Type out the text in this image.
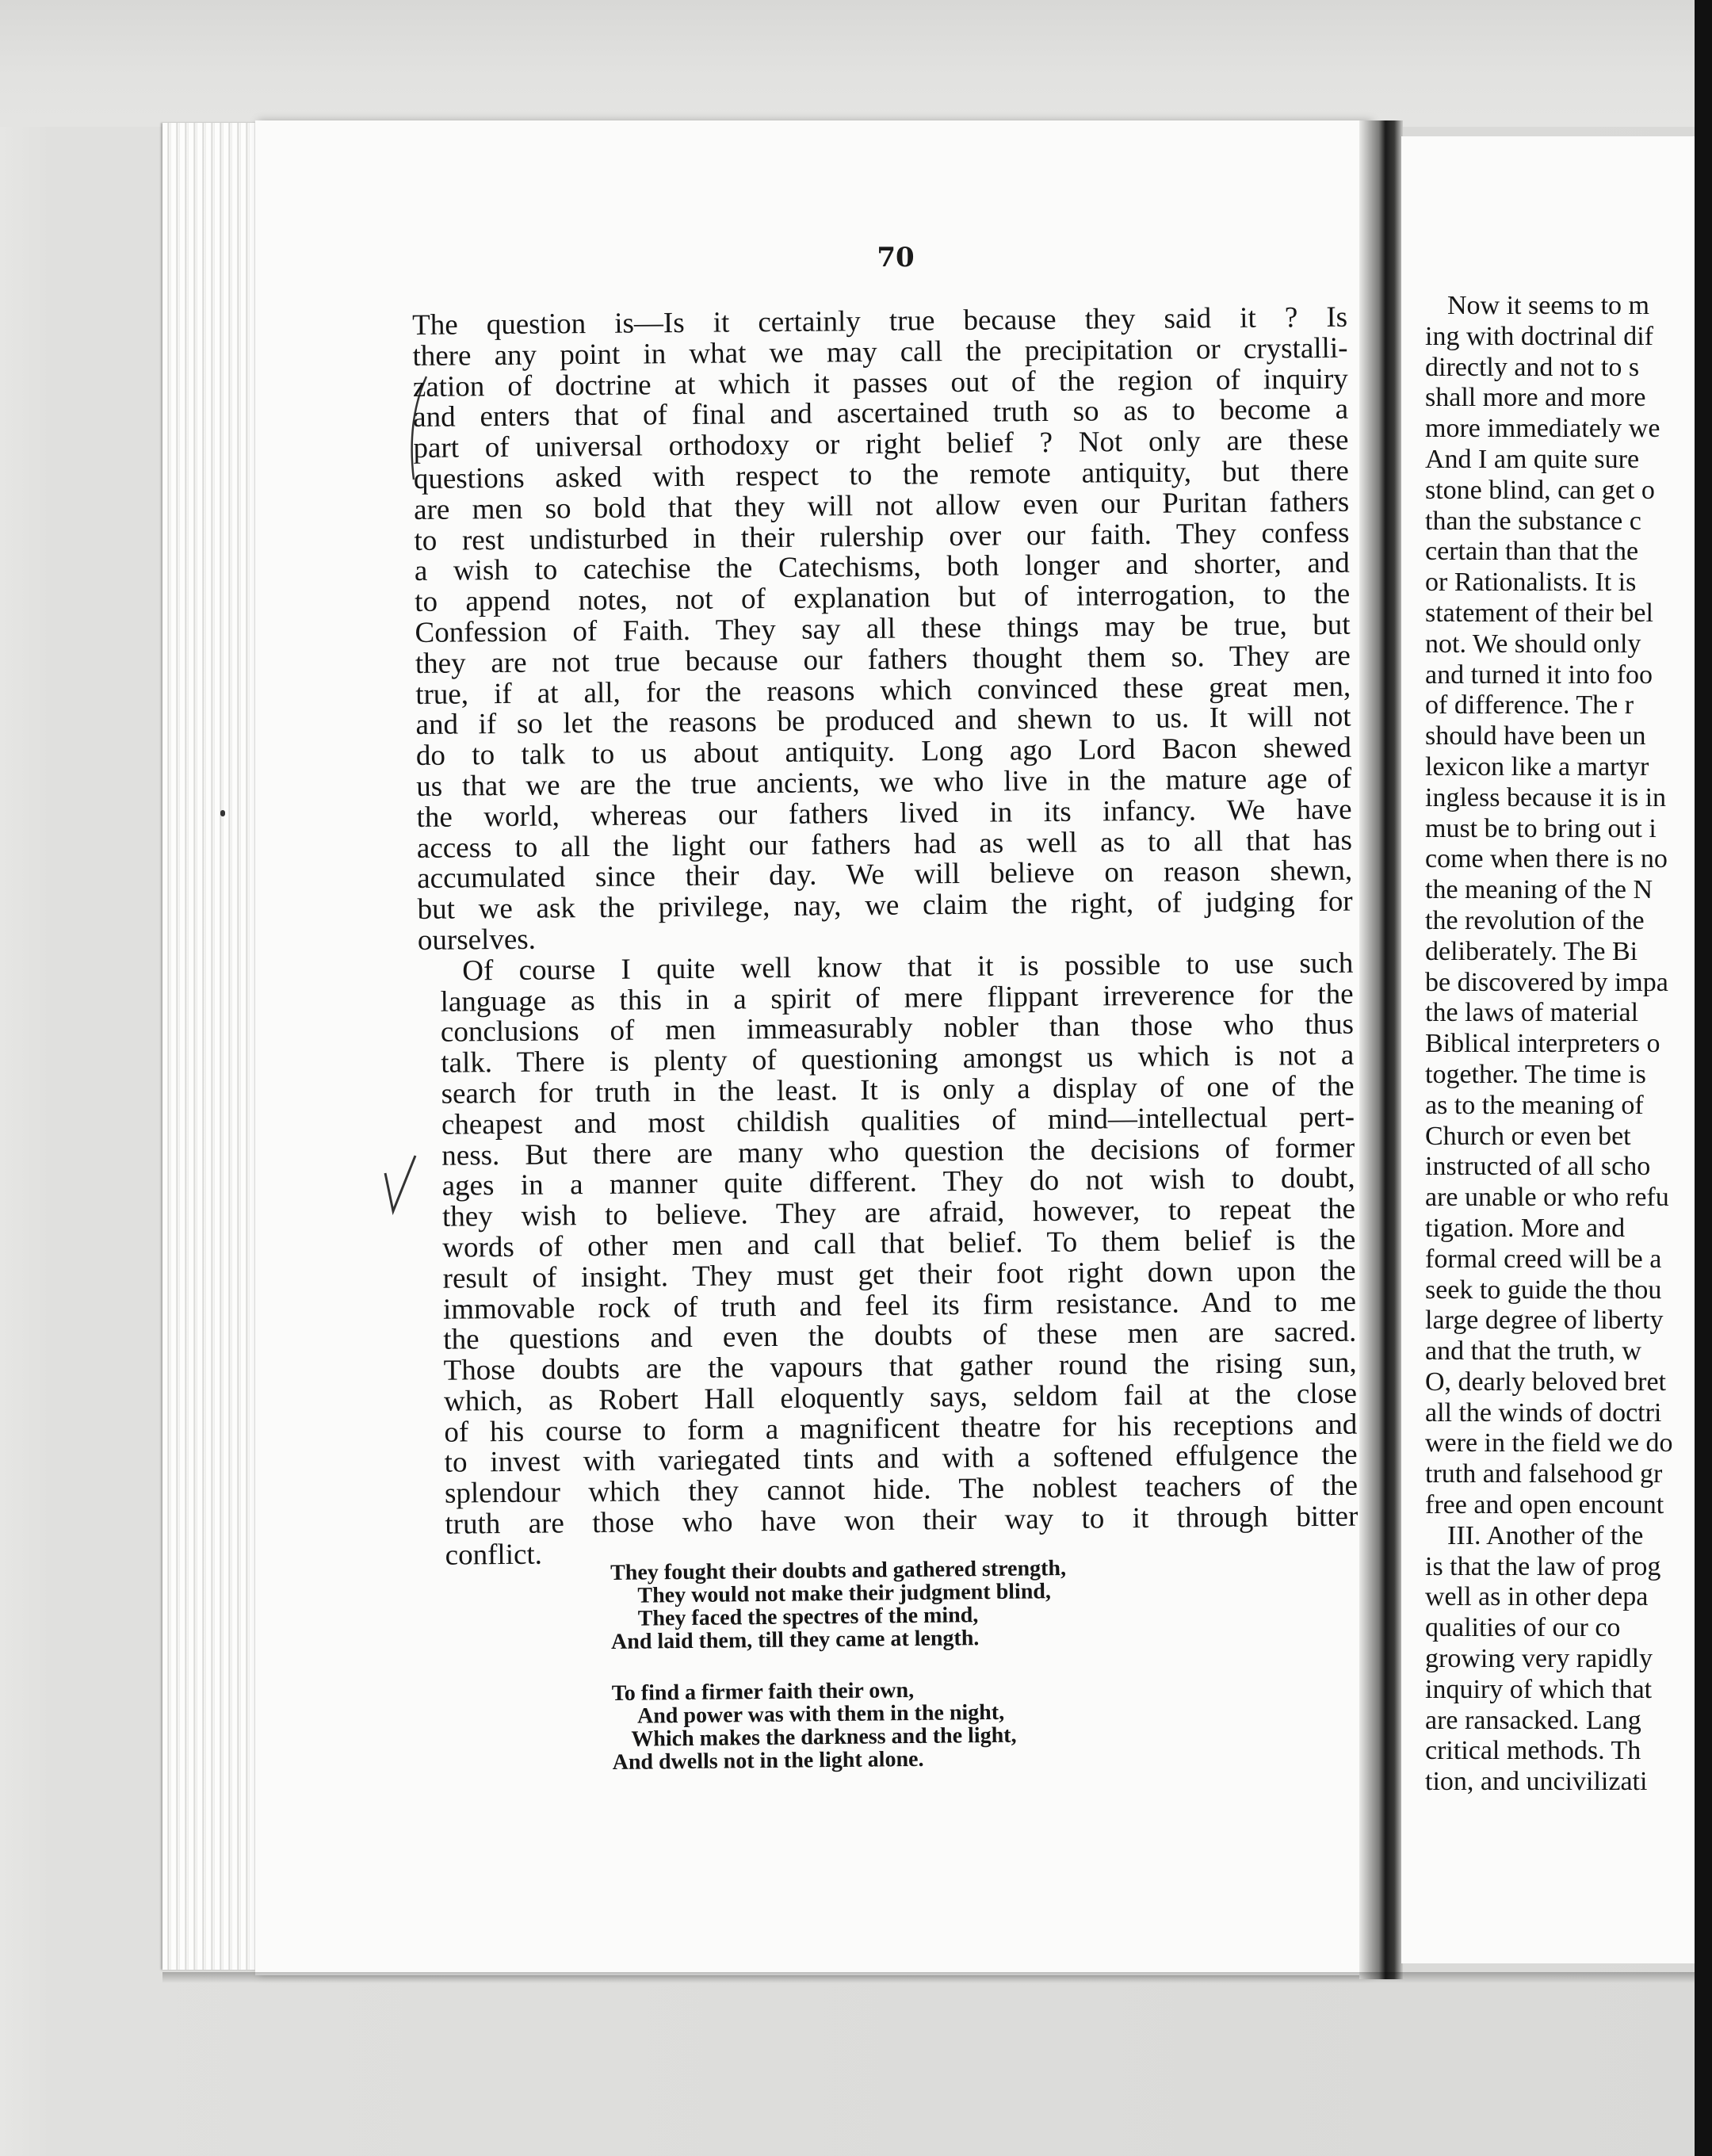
Now it seems to m
ing with doctrinal dif
directly and not to s
shall more and more
more immediately we
And I am quite sure
stone blind, can get o
than the substance c
certain than that the
or Rationalists. It is
statement of their bel
not. We should only
and turned it into foo
of difference. The r
should have been un
lexicon like a martyr
ingless because it is in
must be to bring out i
come when there is no
the meaning of the N
the revolution of the
deliberately. The Bi
be discovered by impa
the laws of material
Biblical interpreters o
together. The time is
as to the meaning of
Church or even bet
instructed of all scho
are unable or who refu
tigation. More and
formal creed will be a
seek to guide the thou
large degree of liberty
and that the truth, w
O, dearly beloved bret
all the winds of doctri
were in the field we do
truth and falsehood gr
free and open encount
III. Another of the
is that the law of prog
well as in other depa
qualities of our co
growing very rapidly
inquiry of which that
are ransacked. Lang
critical methods. Th
tion, and uncivilizati
70

The question is—Is it certainly true because they said it ? Is
there any point in what we may call the precipitation or crystalli-
zation of doctrine at which it passes out of the region of inquiry
and enters that of final and ascertained truth so as to become a
part of universal orthodoxy or right belief ? Not only are these
questions asked with respect to the remote antiquity, but there
are men so bold that they will not allow even our Puritan fathers
to rest undisturbed in their rulership over our faith. They confess
a wish to catechise the Catechisms, both longer and shorter, and
to append notes, not of explanation but of interrogation, to the
Confession of Faith. They say all these things may be true, but
they are not true because our fathers thought them so. They are
true, if at all, for the reasons which convinced these great men,
and if so let the reasons be produced and shewn to us. It will not
do to talk to us about antiquity. Long ago Lord Bacon shewed
us that we are the true ancients, we who live in the mature age of
the world, whereas our fathers lived in its infancy. We have
access to all the light our fathers had as well as to all that has
accumulated since their day. We will believe on reason shewn,
but we ask the privilege, nay, we claim the right, of judging for
ourselves.

Of course I quite well know that it is possible to use such
language as this in a spirit of mere flippant irreverence for the
conclusions of men immeasurably nobler than those who thus
talk. There is plenty of questioning amongst us which is not a
search for truth in the least. It is only a display of one of the
cheapest and most childish qualities of mind—intellectual pert-
ness. But there are many who question the decisions of former
ages in a manner quite different. They do not wish to doubt,
they wish to believe. They are afraid, however, to repeat the
words of other men and call that belief. To them belief is the
result of insight. They must get their foot right down upon the
immovable rock of truth and feel its firm resistance. And to me
the questions and even the doubts of these men are sacred.
Those doubts are the vapours that gather round the rising sun,
which, as Robert Hall eloquently says, seldom fail at the close
of his course to form a magnificent theatre for his receptions and
to invest with variegated tints and with a softened effulgence the
splendour which they cannot hide. The noblest teachers of the
truth are those who have won their way to it through bitter
conflict.	They fought their doubts and gathered strength,
They would not make their judgment blind,
They faced the spectres of the mind,
And laid them, till they came at length.
To find a firmer faith their own,
And power was with them in the night,
Which makes the darkness and the light,
And dwells not in the light alone.
